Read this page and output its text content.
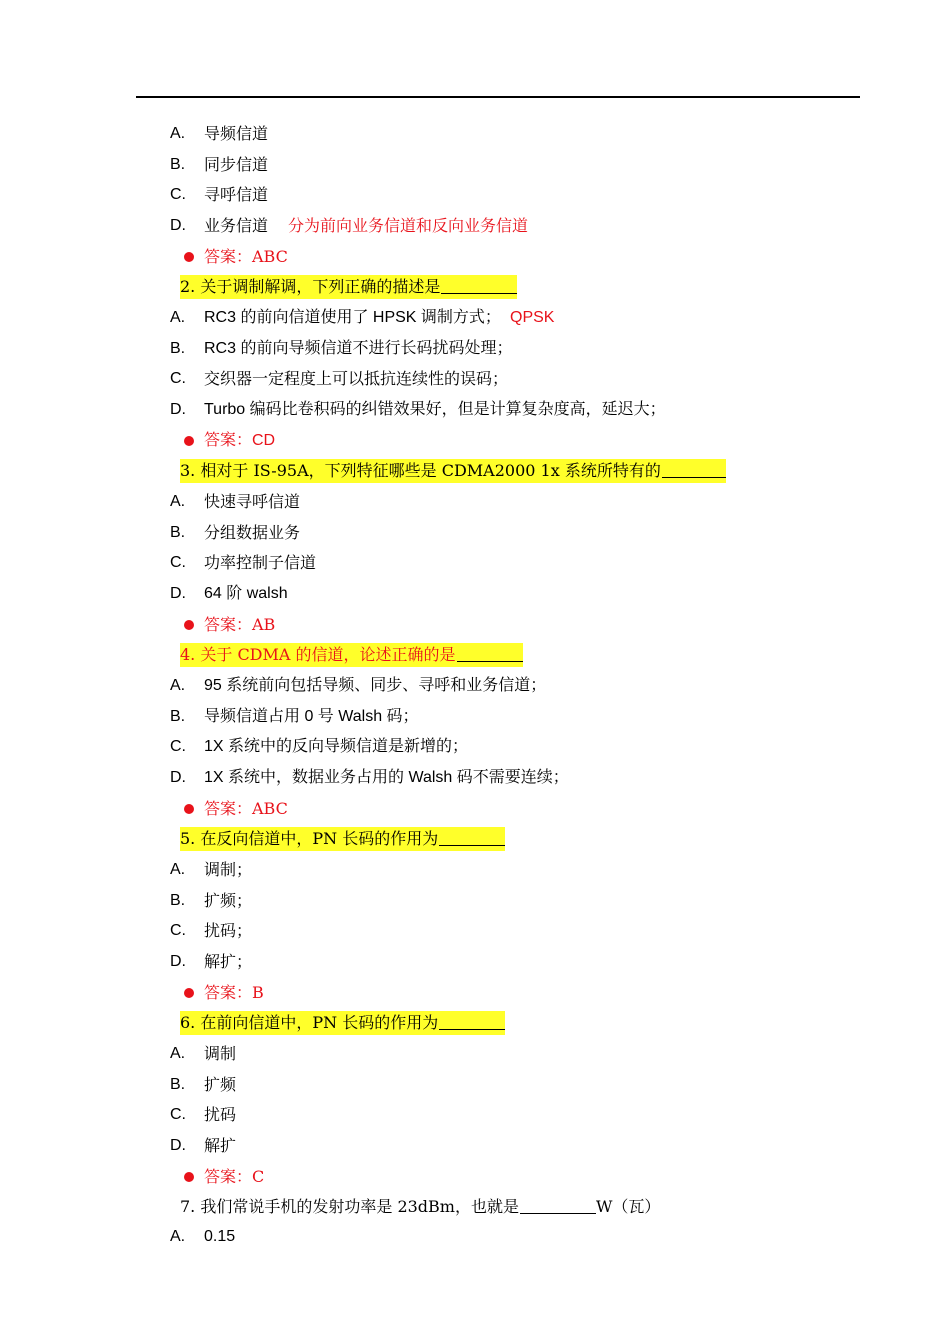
A. 导频信道
B. 同步信道
C. 寻呼信道
D. 业务信道 分为前向业务信道和反向业务信道
答案：ABC
2. 关于调制解调，下列正确的描述是
A. RC3 的前向信道使用了 HPSK 调制方式； QPSK
B. RC3 的前向导频信道不进行长码扰码处理；
C. 交织器一定程度上可以抵抗连续性的误码；
D. Turbo 编码比卷积码的纠错效果好，但是计算复杂度高，延迟大；
答案：CD
3. 相对于 IS-95A，下列特征哪些是 CDMA2000 1x 系统所特有的
A. 快速寻呼信道
B. 分组数据业务
C. 功率控制子信道
D. 64 阶 walsh
答案：AB
4. 关于 CDMA 的信道，论述正确的是
A. 95 系统前向包括导频、同步、寻呼和业务信道；
B. 导频信道占用 0 号 Walsh 码；
C. 1X 系统中的反向导频信道是新增的；
D. 1X 系统中，数据业务占用的 Walsh 码不需要连续；
答案：ABC
5. 在反向信道中，PN 长码的作用为
A. 调制；
B. 扩频；
C. 扰码；
D. 解扩；
答案：B
6. 在前向信道中，PN 长码的作用为
A. 调制
B. 扩频
C. 扰码
D. 解扩
答案：C
7. 我们常说手机的发射功率是 23dBm，也就是	W（瓦）
A. 0.15
